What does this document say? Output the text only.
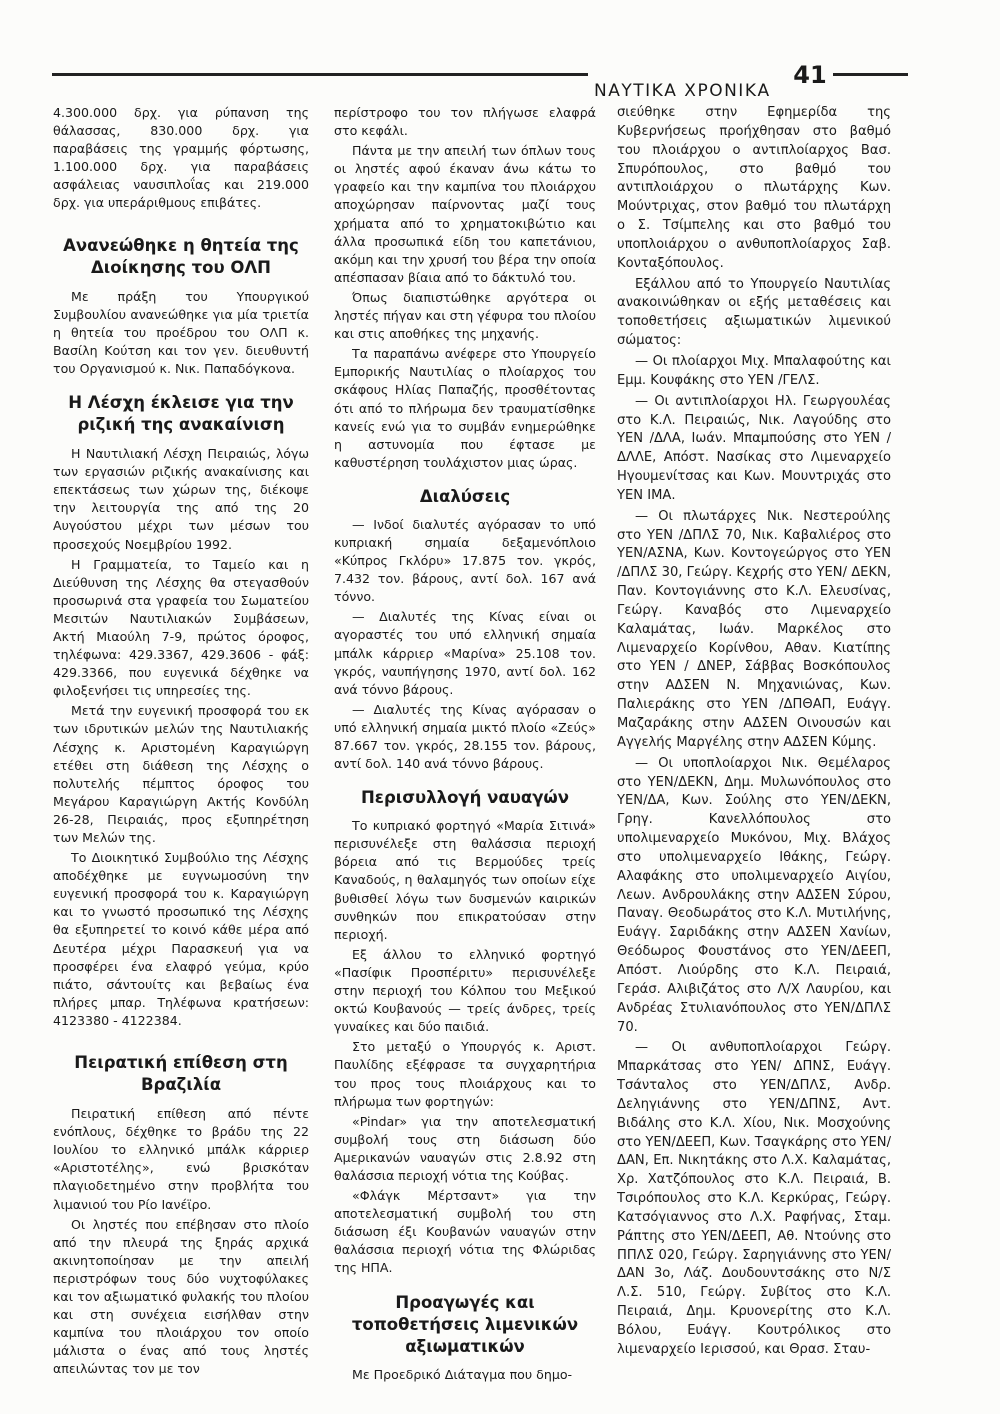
ΝΑΥΤΙΚΑ ΧΡΟΝΙΚΑ
41

4.300.000 δρχ. για ρύπανση της θάλασσας, 830.000 δρχ. για παραβάσεις της γραμμής φόρτωσης, 1.100.000 δρχ. για παραβάσεις ασφάλειας ναυσιπλοΐας και 219.000 δρχ. για υπεράριθμους επιβάτες.

Ανανεώθηκε η θητεία της Διοίκησης του ΟΛΠ

Με πράξη του Υπουργικού Συμβουλίου ανανεώθηκε για μία τριετία η θητεία του προέδρου του ΟΛΠ κ. Βασίλη Κούτση και τον γεν. διευθυντή του Οργανισμού κ. Νικ. Παπαδόγκονα.

Η Λέσχη έκλεισε για την ριζική της ανακαίνιση

Η Ναυτιλιακή Λέσχη Πειραιώς, λόγω των εργασιών ριζικής ανακαίνισης και επεκτάσεως των χώρων της, διέκοψε την λειτουργία της από της 20 Αυγούστου μέχρι των μέσων του προσεχούς Νοεμβρίου 1992.

Η Γραμματεία, το Ταμείο και η Διεύθυνση της Λέσχης θα στεγασθούν προσωρινά στα γραφεία του Σωματείου Μεσιτών Ναυτιλιακών Συμβάσεων, Ακτή Μιαούλη 7-9, πρώτος όροφος, τηλέφωνα: 429.3367, 429.3606 - φάξ: 429.3366, που ευγενικά δέχθηκε να φιλοξενήσει τις υπηρεσίες της.

Μετά την ευγενική προσφορά του εκ των ιδρυτικών μελών της Ναυτιλιακής Λέσχης κ. Αριστομένη Καραγιώργη ετέθει στη διάθεση της Λέσχης ο πολυτελής πέμπτος όροφος του Μεγάρου Καραγιώργη Ακτής Κονδύλη 26-28, Πειραιάς, προς εξυπηρέτηση των Μελών της.

Το Διοικητικό Συμβούλιο της Λέσχης αποδέχθηκε με ευγνωμοσύνη την ευγενική προσφορά του κ. Καραγιώργη και το γνωστό προσωπικό της Λέσχης θα εξυπηρετεί το κοινό κάθε μέρα από Δευτέρα μέχρι Παρασκευή για να προσφέρει ένα ελαφρό γεύμα, κρύο πιάτο, σάντουίτς και βεβαίως ένα πλήρες μπαρ. Τηλέφωνα κρατήσεων: 4123380 - 4122384.

Πειρατική επίθεση στη Βραζιλία

Πειρατική επίθεση από πέντε ενόπλους, δέχθηκε το βράδυ της 22 Ιουλίου το ελληνικό μπάλκ κάρριερ «Αριστοτέλης», ενώ βρισκόταν πλαγιοδετημένο στην προβλήτα του λιμανιού του Ρίο Ιανέϊρο.

Οι ληστές που επέβησαν στο πλοίο από την πλευρά της ξηράς αρχικά ακινητοποίησαν με την απειλή περιστρόφων τους δύο νυχτοφύλακες και τον αξιωματικό φυλακής του πλοίου και στη συνέχεια εισήλθαν στην καμπίνα του πλοιάρχου τον οποίο μάλιστα ο ένας από τους ληστές απειλώντας τον με τον

περίστροφο του τον πλήγωσε ελαφρά στο κεφάλι.

Πάντα με την απειλή των όπλων τους οι ληστές αφού έκαναν άνω κάτω το γραφείο και την καμπίνα του πλοιάρχου αποχώρησαν παίρνοντας μαζί τους χρήματα από το χρηματοκιβώτιο και άλλα προσωπικά είδη του καπετάνιου, ακόμη και την χρυσή του βέρα την οποία απέσπασαν βίαια από το δάκτυλό του.

Όπως διαπιστώθηκε αργότερα οι ληστές πήγαν και στη γέφυρα του πλοίου και στις αποθήκες της μηχανής.

Τα παραπάνω ανέφερε στο Υπουργείο Εμπορικής Ναυτιλίας ο πλοίαρχος του σκάφους Ηλίας Παπαζής, προσθέτοντας ότι από το πλήρωμα δεν τραυματίσθηκε κανείς ενώ για το συμβάν ενημερώθηκε η αστυνομία που έφτασε με καθυστέρηση τουλάχιστον μιας ώρας.

Διαλύσεις

— Ινδοί διαλυτές αγόρασαν το υπό κυπριακή σημαία δεξαμενόπλοιο «Κύπρος Γκλόρυ» 17.875 τον. γκρός, 7.432 τον. βάρους, αντί δολ. 167 ανά τόννο.

— Διαλυτές της Κίνας είναι οι αγοραστές του υπό ελληνική σημαία μπάλκ κάρριερ «Μαρίνα» 25.108 τον. γκρός, ναυπήγησης 1970, αντί δολ. 162 ανά τόννο βάρους.

— Διαλυτές της Κίνας αγόρασαν ο υπό ελληνική σημαία μικτό πλοίο «Ζεύς» 87.667 τον. γκρός, 28.155 τον. βάρους, αντί δολ. 140 ανά τόννο βάρους.

Περισυλλογή ναυαγών

Το κυπριακό φορτηγό «Μαρία Σιτινά» περισυνέλεξε στη θαλάσσια περιοχή βόρεια από τις Βερμούδες τρείς Καναδούς, η θαλαμηγός των οποίων είχε βυθισθεί λόγω των δυσμενών καιρικών συνθηκών που επικρατούσαν στην περιοχή.

Εξ άλλου το ελληνικό φορτηγό «Πασίφικ Προσπέριτυ» περισυνέλεξε στην περιοχή του Κόλπου του Μεξικού οκτώ Κουβανούς — τρείς άνδρες, τρείς γυναίκες και δύο παιδιά.

Στο μεταξύ ο Υπουργός κ. Αριστ. Παυλίδης εξέφρασε τα συγχαρητήρια του προς τους πλοιάρχους και το πλήρωμα των φορτηγών:

«Pindar» για την αποτελεσματική συμβολή τους στη διάσωση δύο Αμερικανών ναυαγών στις 2.8.92 στη θαλάσσια περιοχή νότια της Κούβας.

«Φλάγκ Μέρτσαντ» για την αποτελεσματική συμβολή του στη διάσωση έξι Κουβανών ναυαγών στην θαλάσσια περιοχή νότια της Φλώριδας της ΗΠΑ.

Προαγωγές και τοποθετήσεις λιμενικών αξιωματικών

Με Προεδρικό Διάταγμα που δημο-

σιεύθηκε στην Εφημερίδα της Κυβερνήσεως προήχθησαν στο βαθμό του πλοιάρχου ο αντιπλοίαρχος Βασ. Σπυρόπουλος, στο βαθμό του αντιπλοιάρχου ο πλωτάρχης Κων. Μούντριχας, στον βαθμό του πλωτάρχη ο Σ. Τσίμπελης και στο βαθμό του υποπλοιάρχου ο ανθυποπλοίαρχος Σαβ. Κονταξόπουλος.

Εξάλλου από το Υπουργείο Ναυτιλίας ανακοινώθηκαν οι εξής μεταθέσεις και τοποθετήσεις αξιωματικών λιμενικού σώματος:

— Οι πλοίαρχοι Μιχ. Μπαλαφούτης και Εμμ. Κουφάκης στο ΥΕΝ /ΓΕΛΣ.

— Οι αντιπλοίαρχοι Ηλ. Γεωργουλέας στο Κ.Λ. Πειραιώς, Νικ. Λαγούδης στο ΥΕΝ /ΔΛΑ, Ιωάν. Μπαμπούσης στο ΥΕΝ /ΔΛΛΕ, Απόστ. Νασίκας στο Λιμεναρχείο Ηγουμενίτσας και Κων. Μουντριχάς στο ΥΕΝ ΙΜΑ.

— Οι πλωτάρχες Νικ. Νεστερούλης στο ΥΕΝ /ΔΠΛΣ 70, Νικ. Καβαλιέρος στο ΥΕΝ/ΑΣΝΑ, Κων. Κοντογεώργος στο ΥΕΝ /ΔΠΛΣ 30, Γεώργ. Κεχρής στο ΥΕΝ/ ΔΕΚΝ, Παν. Κοντογιάννης στο Κ.Λ. Ελευσίνας, Γεώργ. Καναβός στο Λιμεναρχείο Καλαμάτας, Ιωάν. Μαρκέλος στο Λιμεναρχείο Κορίνθου, Αθαν. Κιατίπης στο ΥΕΝ / ΔΝΕΡ, Σάββας Βοσκόπουλος στην ΑΔΣΕΝ Ν. Μηχανιώνας, Κων. Παλιεράκης στο ΥΕΝ /ΔΠΘΑΠ, Ευάγγ. Μαζαράκης στην ΑΔΣΕΝ Οινουσών και Αγγελής Μαργέλης στην ΑΔΣΕΝ Κύμης.

— Οι υποπλοίαρχοι Νικ. Θεμέλαρος στο ΥΕΝ/ΔΕΚΝ, Δημ. Μυλωνόπουλος στο ΥΕΝ/ΔΑ, Κων. Σούλης στο ΥΕΝ/ΔΕΚΝ, Γρηγ. Κανελλόπουλος στο υπολιμεναρχείο Μυκόνου, Μιχ. Βλάχος στο υπολιμεναρχείο Ιθάκης, Γεώργ. Αλαφάκης στο υπολιμεναρχείο Αιγίου, Λεων. Ανδρουλάκης στην ΑΔΣΕΝ Σύρου, Παναγ. Θεοδωράτος στο Κ.Λ. Μυτιλήνης, Ευάγγ. Σαριδάκης στην ΑΔΣΕΝ Χανίων, Θεόδωρος Φουστάνος στο ΥΕΝ/ΔΕΕΠ, Απόστ. Λιούρδης στο Κ.Λ. Πειραιά, Γεράσ. Αλιβιζάτος στο Λ/Χ Λαυρίου, και Ανδρέας Στυλιανόπουλος στο ΥΕΝ/ΔΠΛΣ 70.

— Οι ανθυποπλοίαρχοι Γεώργ. Μπαρκάτσας στο ΥΕΝ/ ΔΠΝΣ, Ευάγγ. Τσάνταλος στο ΥΕΝ/ΔΠΛΣ, Ανδρ. Δεληγιάννης στο ΥΕΝ/ΔΠΝΣ, Αντ. Βιδάλης στο Κ.Λ. Χίου, Νικ. Μοσχούνης στο ΥΕΝ/ΔΕΕΠ, Κων. Τσαγκάρης στο ΥΕΝ/ΔΑΝ, Επ. Νικητάκης στο Λ.Χ. Καλαμάτας, Χρ. Χατζόπουλος στο Κ.Λ. Πειραιά, Β. Τσιρόπουλος στο Κ.Λ. Κερκύρας, Γεώργ. Κατσόγιαννος στο Λ.Χ. Ραφήνας, Σταμ. Ράπτης στο ΥΕΝ/ΔΕΕΠ, Αθ. Ντούνης στο ΠΠΛΣ 020, Γεώργ. Σαρηγιάννης στο ΥΕΝ/ΔΑΝ 3ο, Λάζ. Δουδουντσάκης στο Ν/Σ Λ.Σ. 510, Γεώργ. Συβίτος στο Κ.Λ. Πειραιά, Δημ. Κρυονερίτης στο Κ.Λ. Βόλου, Ευάγγ. Κουτρόλικος στο λιμεναρχείο Ιερισσού, και Θρασ. Σταυ-
